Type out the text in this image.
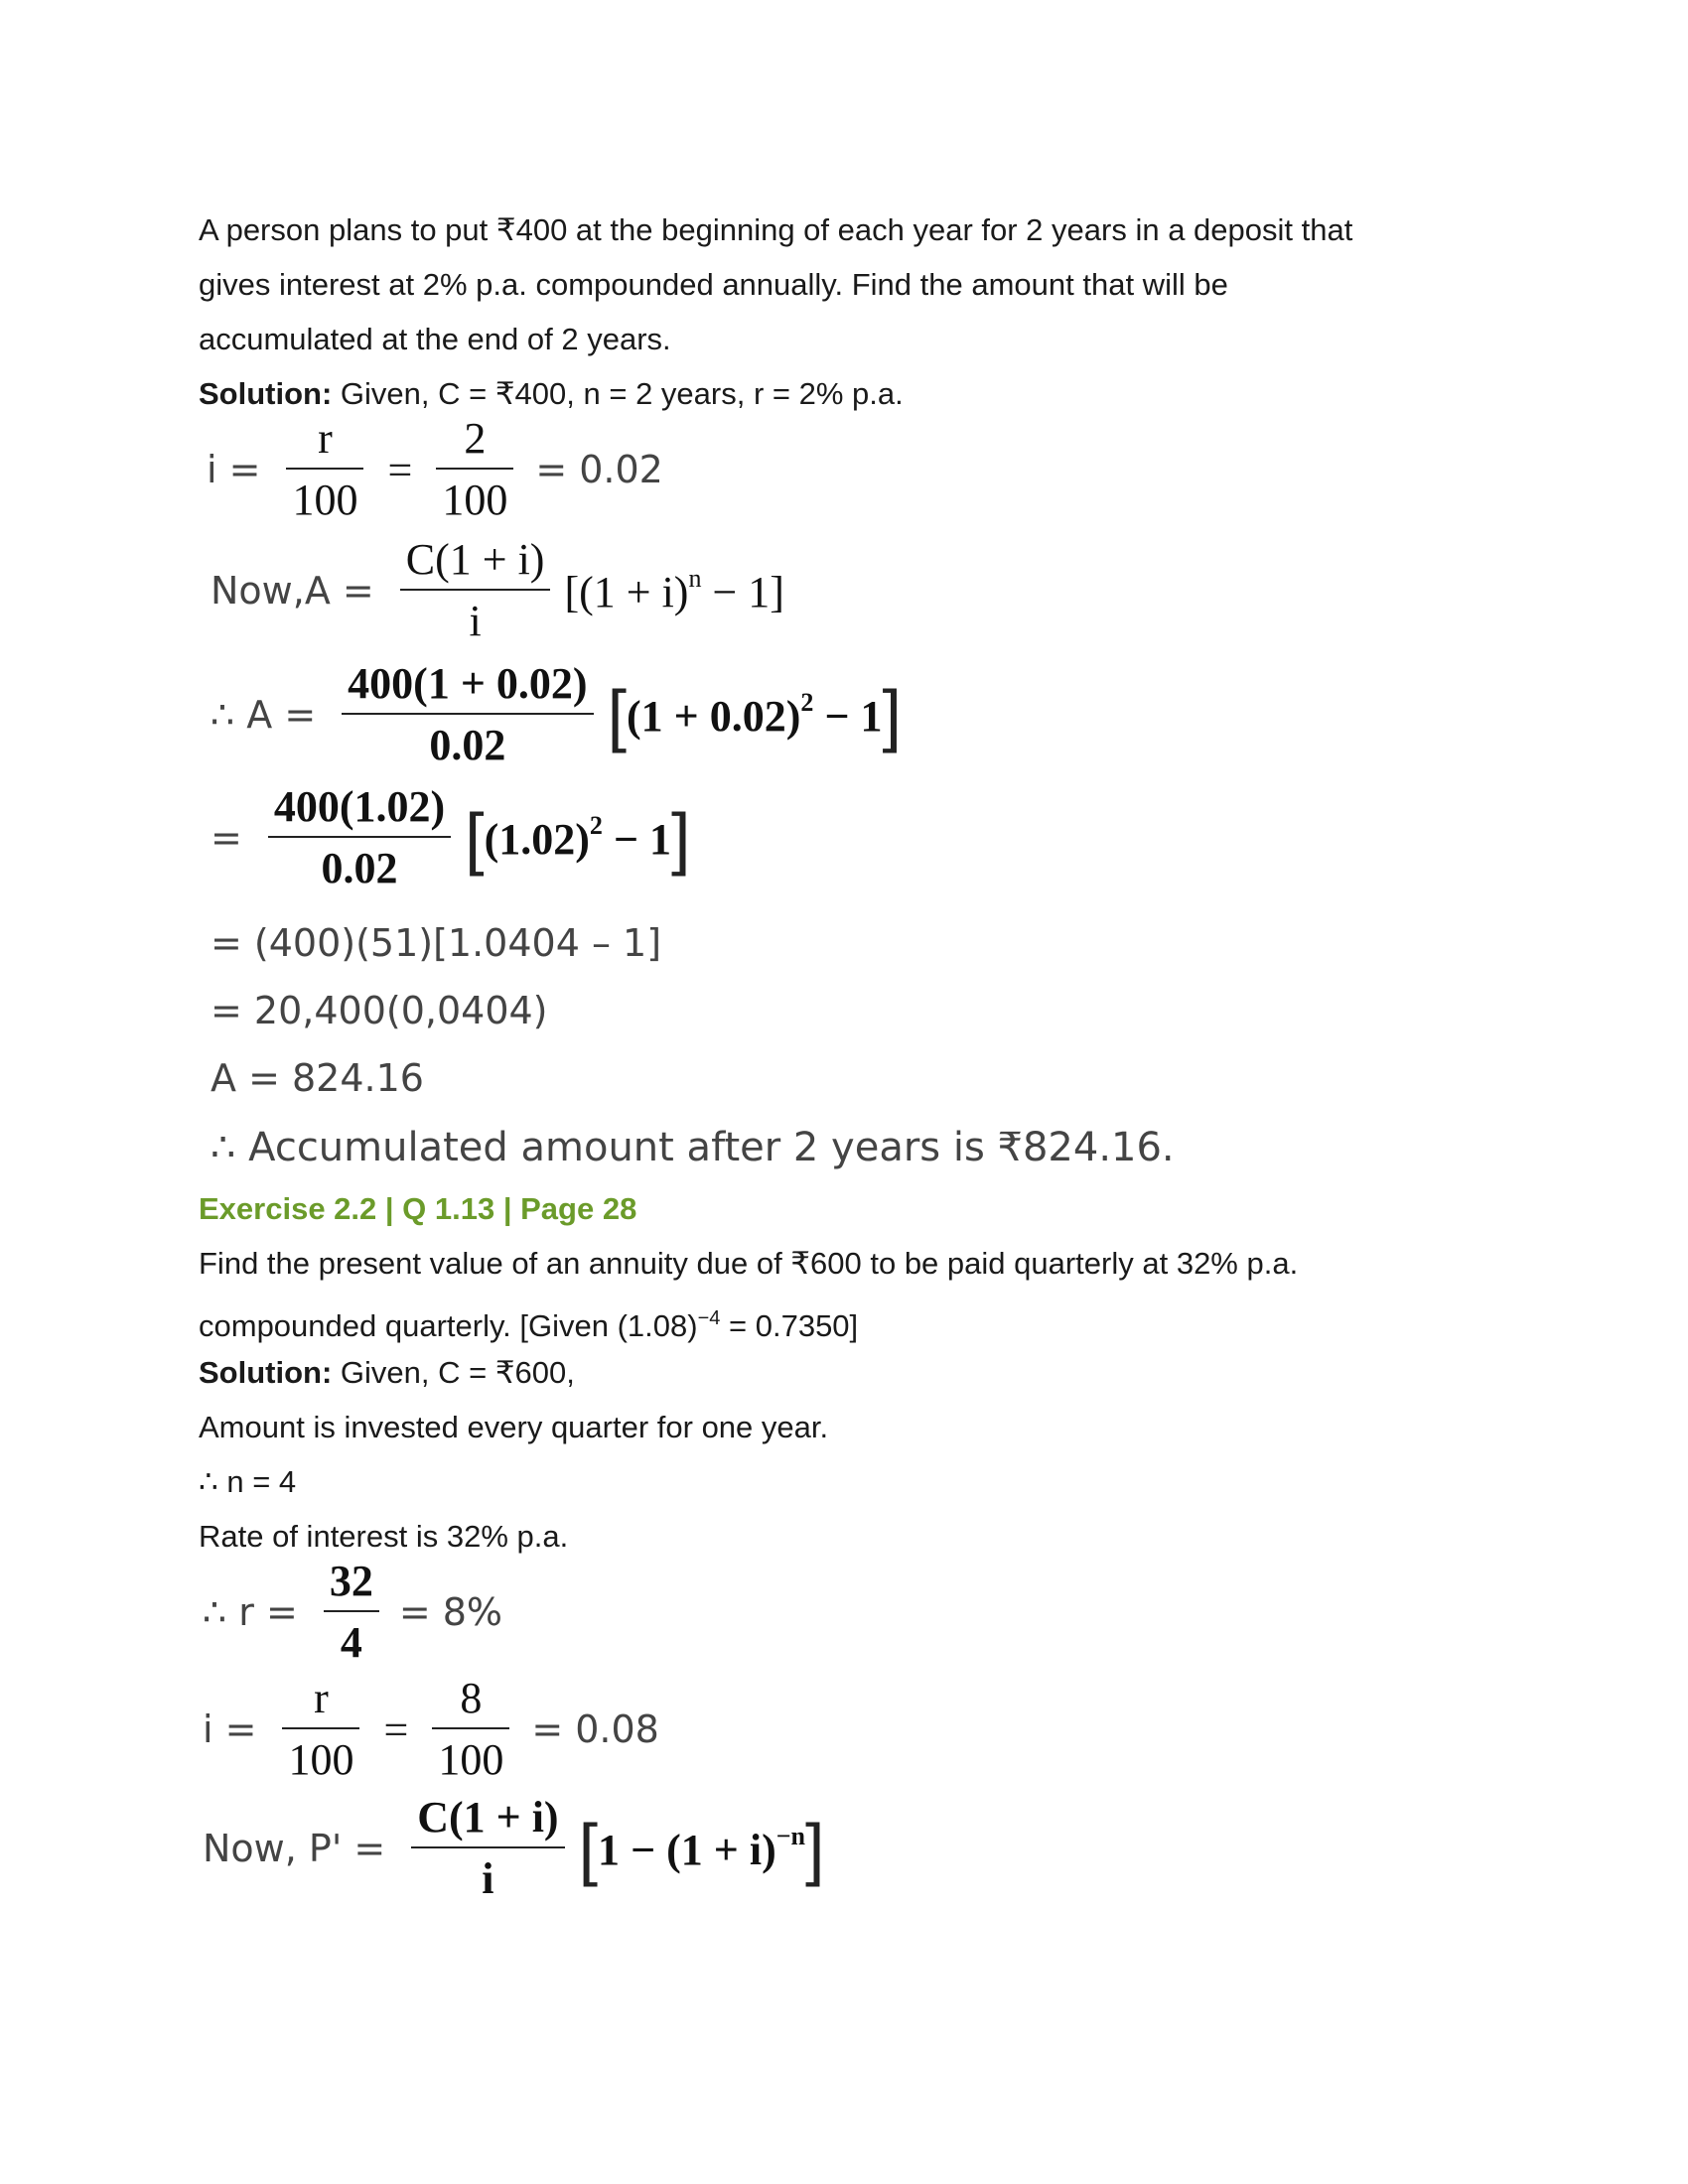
A person plans to put ₹400 at the beginning of each year for 2 years in a deposit that
gives interest at 2% p.a. compounded annually. Find the amount that will be
accumulated at the end of 2 years.
Solution: Given, C = ₹400, n = 2 years, r = 2% p.a.
$i = \frac{r}{100} = \frac{2}{100} = 0.02$
$Now,A = \frac{C(1 + i)}{i} [(1 + i)^n - 1]$
∴ $A = \frac{400(1 + 0.02)}{0.02}$ [ $(1 + 0.02)^2 - 1$ ]
= $\frac{400(1.02)}{0.02}$ [ $(1.02)^2 - 1$ ]
= (400)(51)[1.0404 – 1]
= 20,400(0,0404)
A = 824.16
∴ Accumulated amount after 2 years is ₹824.16.
Exercise 2.2 | Q 1.13 | Page 28
Find the present value of an annuity due of ₹600 to be paid quarterly at 32% p.a.
compounded quarterly. [Given $(1.08)^{-4} = 0.7350$]
Solution: Given, C = ₹600,
Amount is invested every quarter for one year.
∴ n = 4
Rate of interest is 32% p.a.
∴ $r = \frac{32}{4} = 8\%$
$i = \frac{r}{100} = \frac{8}{100} = 0.08$
Now, $P' = \frac{C(1 + i)}{i}$ [ $1 - (1 + i)^{-n}$ ]
